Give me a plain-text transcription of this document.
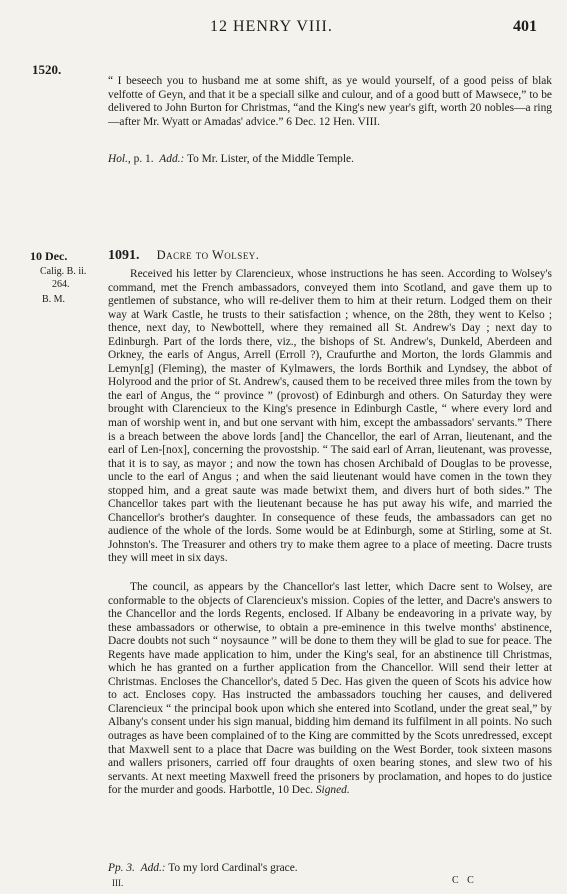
12 HENRY VIII.	401
1520.
“ I beseech you to husband me at some shift, as ye would yourself, of a good peiss of blak velfotte of Geyn, and that it be a speciall silke and culour, and of a good butt of Mawsece,” to be delivered to John Burton for Christmas, “and the King's new year's gift, worth 20 nobles—a ring—after Mr. Wyatt or Amadas' advice.” 6 Dec. 12 Hen. VIII.
Hol., p. 1. Add.: To Mr. Lister, of the Middle Temple.
10 Dec.
Calig. B. ii.
264.
B. M.
1091. Dacre to Wolsey.
Received his letter by Clarencieux, whose instructions he has seen. According to Wolsey's command, met the French ambassadors, conveyed them into Scotland, and gave them up to gentlemen of substance, who will re-deliver them to him at their return. Lodged them on their way at Wark Castle, he trusts to their satisfaction ; whence, on the 28th, they went to Kelso ; thence, next day, to Newbottell, where they remained all St. Andrew's Day ; next day to Edinburgh. Part of the lords there, viz., the bishops of St. Andrew's, Dunkeld, Aberdeen and Orkney, the earls of Angus, Arrell (Erroll ?), Craufurthe and Morton, the lords Glammis and Lemyn[g] (Fleming), the master of Kylmawers, the lords Borthik and Lyndsey, the abbot of Holyrood and the prior of St. Andrew's, caused them to be received three miles from the town by the earl of Angus, the “ province ” (provost) of Edinburgh and others. On Saturday they were brought with Clarencieux to the King's presence in Edinburgh Castle, “ where every lord and man of worship went in, and but one servant with him, except the ambassadors' servants.” There is a breach between the above lords [and] the Chancellor, the earl of Arran, lieutenant, and the earl of Len-[nox], concerning the provostship. “ The said earl of Arran, lieutenant, was provesse, that it is to say, as mayor ; and now the town has chosen Archibald of Douglas to be provesse, uncle to the earl of Angus ; and when the said lieutenant would have comen in the town they stopped him, and a great saute was made betwixt them, and divers hurt of both sides.” The Chancellor takes part with the lieutenant because he has put away his wife, and married the Chancellor's brother's daughter. In consequence of these feuds, the ambassadors can get no audience of the whole of the lords. Some would be at Edinburgh, some at Stirling, some at St. Johnston's. The Treasurer and others try to make them agree to a place of meeting. Dacre trusts they will meet in six days.
The council, as appears by the Chancellor's last letter, which Dacre sent to Wolsey, are conformable to the objects of Clarencieux's mission. Copies of the letter, and Dacre's answers to the Chancellor and the lords Regents, enclosed. If Albany be endeavoring in a private way, by these ambassadors or otherwise, to obtain a pre-eminence in this twelve months' abstinence, Dacre doubts not such “ noysaunce ” will be done to them they will be glad to sue for peace. The Regents have made application to him, under the King's seal, for an abstinence till Christmas, which he has granted on a further application from the Chancellor. Will send their letter at Christmas. Encloses the Chancellor's, dated 5 Dec. Has given the queen of Scots his advice how to act. Encloses copy. Has instructed the ambassadors touching her causes, and delivered Clarencieux “ the principal book upon which she entered into Scotland, under the great seal,” by Albany's consent under his sign manual, bidding him demand its fulfilment in all points. No such outrages as have been complained of to the King are committed by the Scots unredressed, except that Maxwell sent to a place that Dacre was building on the West Border, took sixteen masons and wallers prisoners, carried off four draughts of oxen bearing stones, and slew two of his servants. At next meeting Maxwell freed the prisoners by proclamation, and hopes to do justice for the murder and goods. Harbottle, 10 Dec. Signed.
Pp. 3. Add.: To my lord Cardinal's grace.
III.	C C
